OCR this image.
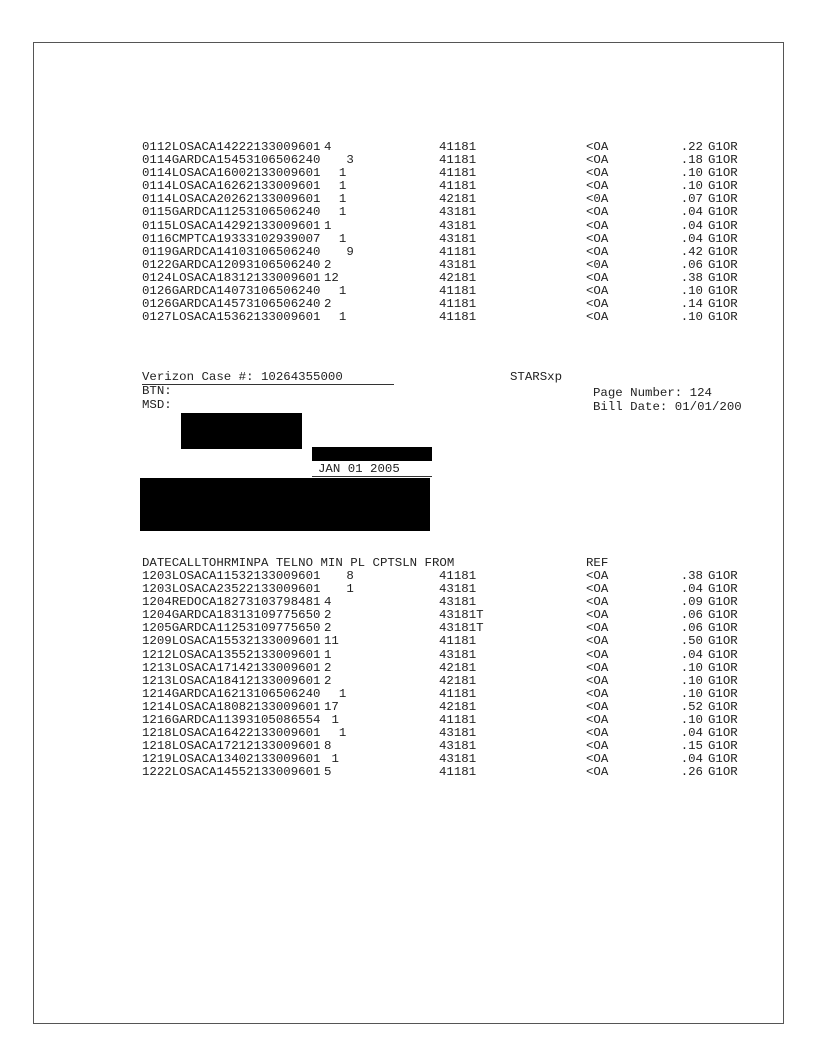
0112LOSACA14222133009601 4	41181	<OA	.22 G1OR
0114GARDCA15453106506240 3	41181	<OA	.18 G1OR
0114LOSACA16002133009601 1	41181	<OA	.10 G1OR
0114LOSACA16262133009601 1	41181	<OA	.10 G1OR
0114LOSACA20262133009601 1	42181	<0A	.07 G1OR
0115GARDCA11253106506240 1	43181	<OA	.04 G1OR
0115LOSACA14292133009601 1	43181	<OA	.04 G1OR
0116CMPTCA19333102939007 1	43181	<OA	.04 G1OR
0119GARDCA14103106506240 9	41181	<OA	.42 G1OR
0122GARDCA12093106506240 2	43181	<0A	.06 G1OR
0124LOSACA18312133009601 12	42181	<OA	.38 G1OR
0126GARDCA14073106506240 1	41181	<OA	.10 G1OR
0126GARDCA14573106506240 2	41181	<OA	.14 G1OR
0127LOSACA15362133009601 1	41181	<OA	.10 G1OR

Verizon Case #: 10264355000

	STARSxp

BTN:

MSD:

Page Number: 124

Bill Date: 01/01/200

JAN 01 2005

DATECALLTOHRMINPA TELNO MIN PL CPTSLN FROM

	REF

1203LOSACA11532133009601 8	41181	<OA	.38 G1OR
1203LOSACA23522133009601 1	43181	<OA	.04 G1OR
1204REDOCA18273103798481 4	43181	<OA	.09 G1OR
1204GARDCA18313109775650 2	43181T	<OA	.06 G1OR
1205GARDCA11253109775650 2	43181T	<OA	.06 G1OR
1209LOSACA15532133009601 11	41181	<OA	.50 G1OR
1212LOSACA13552133009601 1	43181	<OA	.04 G1OR
1213LOSACA17142133009601 2	42181	<OA	.10 G1OR
1213LOSACA18412133009601 2	42181	<OA	.10 G1OR
1214GARDCA16213106506240 1	41181	<OA	.10 G1OR
1214LOSACA18082133009601 17	42181	<OA	.52 G1OR
1216GARDCA11393105086554 1	41181	<OA	.10 G1OR
1218LOSACA16422133009601 1	43181	<OA	.04 G1OR
1218LOSACA17212133009601 8	43181	<OA	.15 G1OR
1219LOSACA13402133009601 1	43181	<OA	.04 G1OR
1222LOSACA14552133009601 5	41181	<OA	.26 G1OR
